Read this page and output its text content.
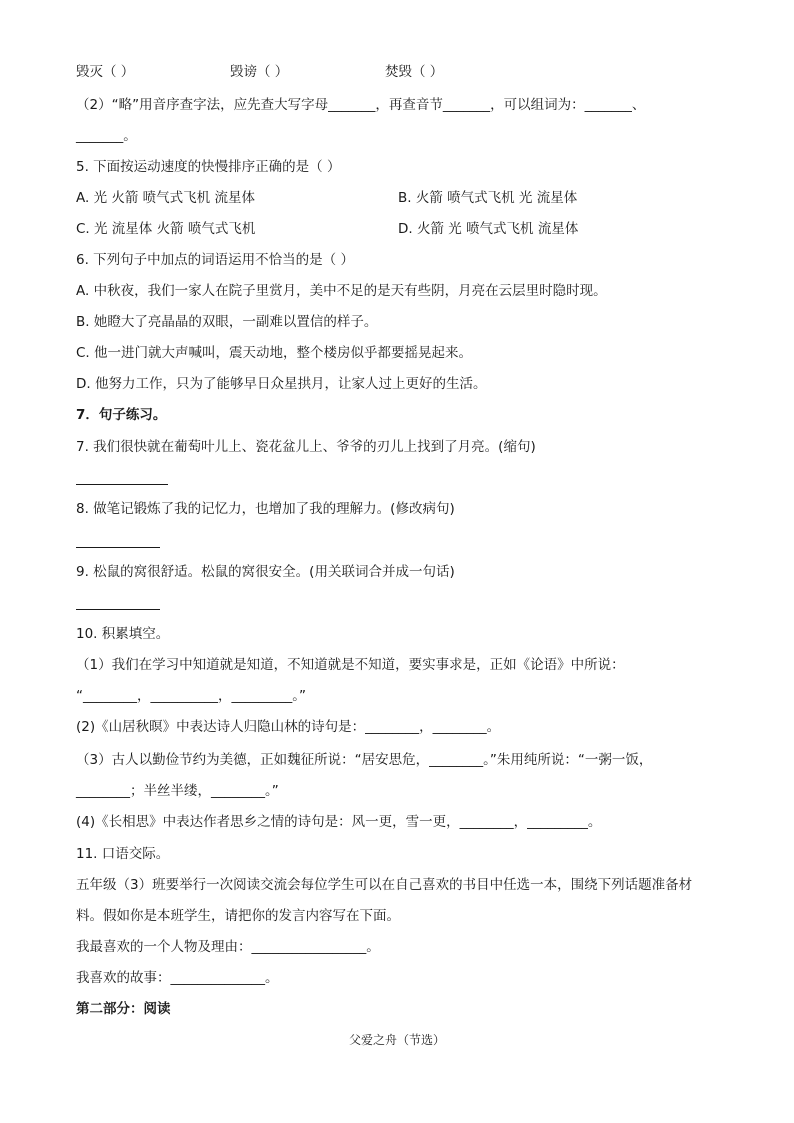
毁灭（ ）	毁谤（ ）	焚毁（ ）
（2）“略”用音序查字法，应先查大写字母_______，再查音节_______，可以组词为：_______、
_______。
5. 下面按运动速度的快慢排序正确的是（ ）
A. 光 火箭 喷气式飞机 流星体	B. 火箭 喷气式飞机 光 流星体
C. 光 流星体 火箭 喷气式飞机	D. 火箭 光 喷气式飞机 流星体
6. 下列句子中加点的词语运用不恰当的是（ ）
A. 中秋夜，我们一家人在院子里赏月，美中不足的是天有些阴，月亮在云层里时隐时现。
B. 她瞪大了亮晶晶的双眼，一副难以置信的样子。
C. 他一进门就大声喊叫，震天动地，整个楼房似乎都要摇晃起来。
D. 他努力工作，只为了能够早日众星拱月，让家人过上更好的生活。
7．句子练习。
7. 我们很快就在葡萄叶儿上、瓷花盆儿上、爷爷的刃儿上找到了月亮。(缩句)
8. 做笔记锻炼了我的记忆力，也增加了我的理解力。(修改病句)
9. 松鼠的窝很舒适。松鼠的窝很安全。(用关联词合并成一句话)
10. 积累填空。
（1）我们在学习中知道就是知道，不知道就是不知道，要实事求是，正如《论语》中所说：
“________，__________，_________。”
(2)《山居秋暝》中表达诗人归隐山林的诗句是：________，________。
（3）古人以勤俭节约为美德，正如魏征所说：“居安思危，________。”朱用纯所说：“一粥一饭，
________；半丝半缕，________。”
(4)《长相思》中表达作者思乡之情的诗句是：风一更，雪一更，________，_________。
11. 口语交际。
五年级（3）班要举行一次阅读交流会每位学生可以在自己喜欢的书目中任选一本，围绕下列话题准备材
料。假如你是本班学生，请把你的发言内容写在下面。
我最喜欢的一个人物及理由：_________________。
我喜欢的故事：______________。
第二部分：阅读
父爱之舟（节选）
